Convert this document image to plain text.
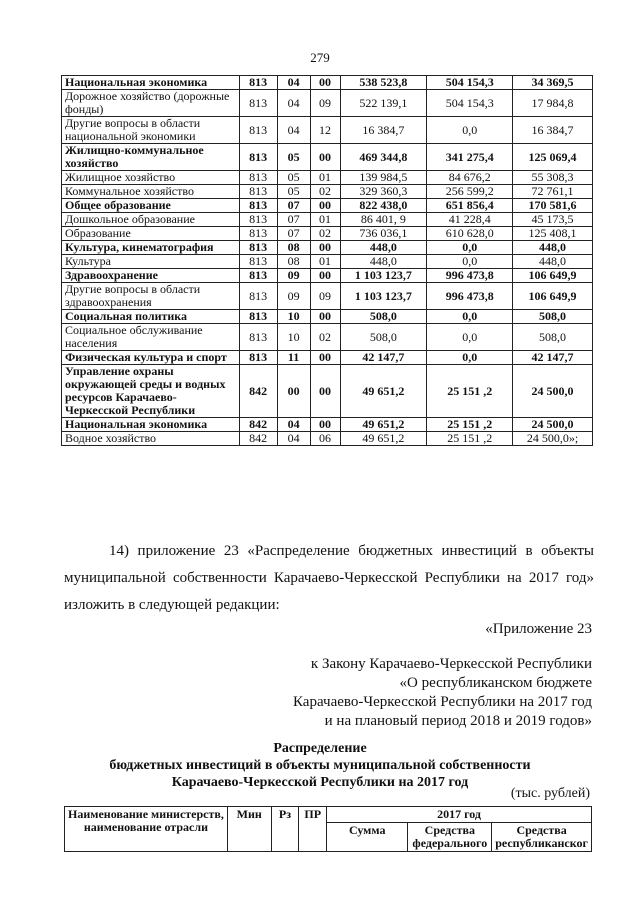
279
Национальная экономика	813	04	00	538 523,8	504 154,3	34 369,5
Дорожное хозяйство (дорожные фонды)	813	04	09	522 139,1	504 154,3	17 984,8
Другие вопросы в области национальной экономики	813	04	12	16 384,7	0,0	16 384,7
Жилищно-коммунальное хозяйство	813	05	00	469 344,8	341 275,4	125 069,4
Жилищное хозяйство	813	05	01	139 984,5	84 676,2	55 308,3
Коммунальное хозяйство	813	05	02	329 360,3	256 599,2	72 761,1
Общее образование	813	07	00	822 438,0	651 856,4	170 581,6
Дошкольное образование	813	07	01	86 401, 9	41 228,4	45 173,5
Образование	813	07	02	736 036,1	610 628,0	125 408,1
Культура, кинематография	813	08	00	448,0	0,0	448,0
Культура	813	08	01	448,0	0,0	448,0
Здравоохранение	813	09	00	1 103 123,7	996 473,8	106 649,9
Другие вопросы в области здравоохранения	813	09	09	1 103 123,7	996 473,8	106 649,9
Социальная политика	813	10	00	508,0	0,0	508,0
Социальное обслуживание населения	813	10	02	508,0	0,0	508,0
Физическая культура и спорт	813	11	00	42 147,7	0,0	42 147,7
Управление охраны окружающей среды и водных ресурсов Карачаево-Черкесской Республики	842	00	00	49 651,2	25 151 ,2	24 500,0
Национальная экономика	842	04	00	49 651,2	25 151 ,2	24 500,0
Водное хозяйство	842	04	06	49 651,2	25 151 ,2	24 500,0»;

14) приложение 23 «Распределение бюджетных инвестиций в объекты муниципальной собственности Карачаево-Черкесской Республики на 2017 год» изложить в следующей редакции:

«Приложение 23
к Закону Карачаево-Черкесской Республики
«О республиканском бюджете
Карачаево-Черкесской Республики на 2017 год
и на плановый период 2018 и 2019 годов»
Распределение
бюджетных инвестиций в объекты муниципальной собственности
Карачаево-Черкесской Республики на 2017 год
(тыс. рублей)
Наименование министерств, наименование отрасли	Мин	Рз	ПР	2017 год		
				Сумма	Средства федерального	Средства республиканског
